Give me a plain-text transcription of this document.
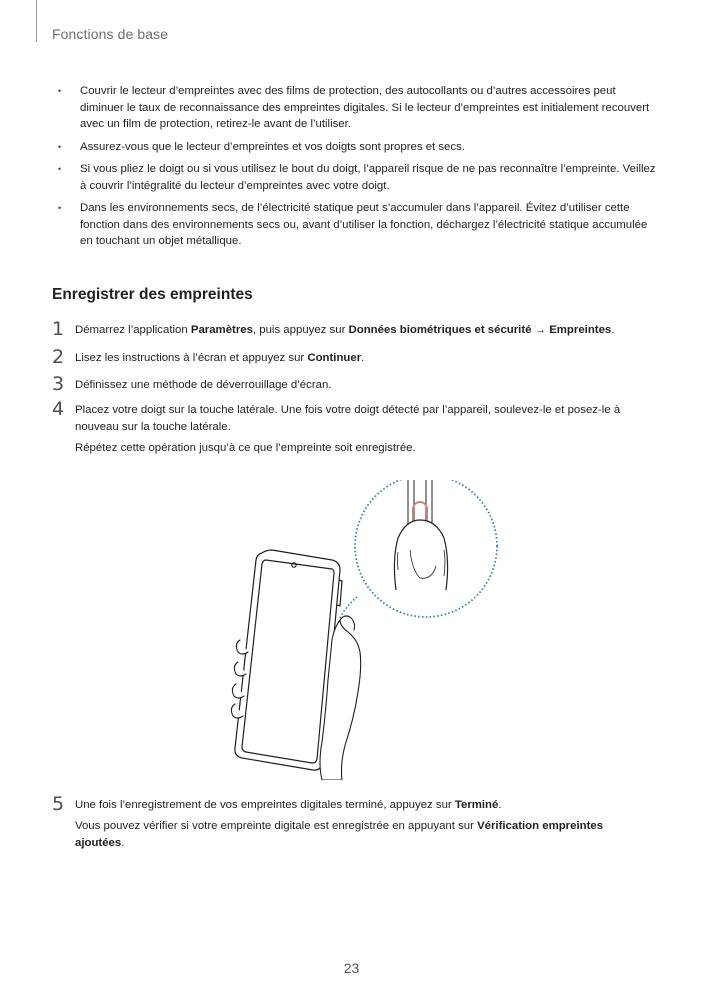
Fonctions de base
• Couvrir le lecteur d’empreintes avec des films de protection, des autocollants ou d’autres accessoires peut diminuer le taux de reconnaissance des empreintes digitales. Si le lecteur d’empreintes est initialement recouvert avec un film de protection, retirez-le avant de l’utiliser.
• Assurez-vous que le lecteur d’empreintes et vos doigts sont propres et secs.
• Si vous pliez le doigt ou si vous utilisez le bout du doigt, l’appareil risque de ne pas reconnaître l’empreinte. Veillez à couvrir l’intégralité du lecteur d’empreintes avec votre doigt.
• Dans les environnements secs, de l’électricité statique peut s’accumuler dans l’appareil. Évitez d’utiliser cette fonction dans des environnements secs ou, avant d’utiliser la fonction, déchargez l’électricité statique accumulée en touchant un objet métallique.
Enregistrer des empreintes
1 Démarrez l’application Paramètres, puis appuyez sur Données biométriques et sécurité → Empreintes.
2 Lisez les instructions à l’écran et appuyez sur Continuer.
3 Définissez une méthode de déverrouillage d’écran.
4 Placez votre doigt sur la touche latérale. Une fois votre doigt détecté par l’appareil, soulevez-le et posez-le à nouveau sur la touche latérale.
Répétez cette opération jusqu’à ce que l’empreinte soit enregistrée.
5 Une fois l’enregistrement de vos empreintes digitales terminé, appuyez sur Terminé.
Vous pouvez vérifier si votre empreinte digitale est enregistrée en appuyant sur Vérification empreintes ajoutées.
23
